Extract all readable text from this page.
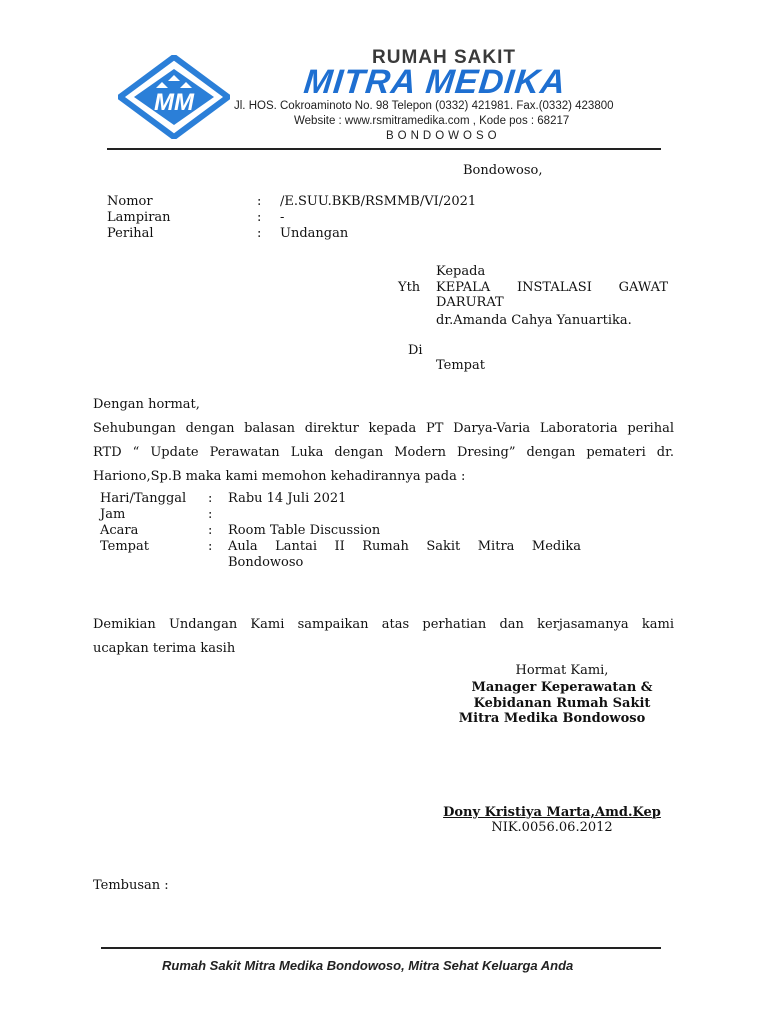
MM
RUMAH SAKIT
MITRA MEDIKA
Jl. HOS. Cokroaminoto No. 98 Telepon (0332) 421981. Fax.(0332) 423800
Website : www.rsmitramedika.com , Kode pos : 68217
BONDOWOSO
Bondowoso,
Nomor	:	/E.SUU.BKB/RSMMB/VI/2021
Lampiran	:	-
Perihal	:	Undangan
Kepada
Yth KEPALA INSTALASI GAWAT
DARURAT
dr.Amanda Cahya Yanuartika.
Di
Tempat
Dengan hormat,
Sehubungan dengan balasan direktur kepada PT Darya-Varia Laboratoria perihal
RTD “ Update Perawatan Luka dengan Modern Dresing” dengan pemateri dr.
Hariono,Sp.B maka kami memohon kehadirannya pada :
Hari/Tanggal	:	Rabu 14 Juli 2021
Jam	:
Acara	:	Room Table Discussion
Tempat	:	Aula Lantai II Rumah Sakit Mitra Medika
Bondowoso
Demikian Undangan Kami sampaikan atas perhatian dan kerjasamanya kami
ucapkan terima kasih
Hormat Kami,
Manager Keperawatan &
Kebidanan Rumah Sakit
Mitra Medika Bondowoso
Dony Kristiya Marta,Amd.Kep
NIK.0056.06.2012
Tembusan :
Rumah Sakit Mitra Medika Bondowoso, Mitra Sehat Keluarga Anda
